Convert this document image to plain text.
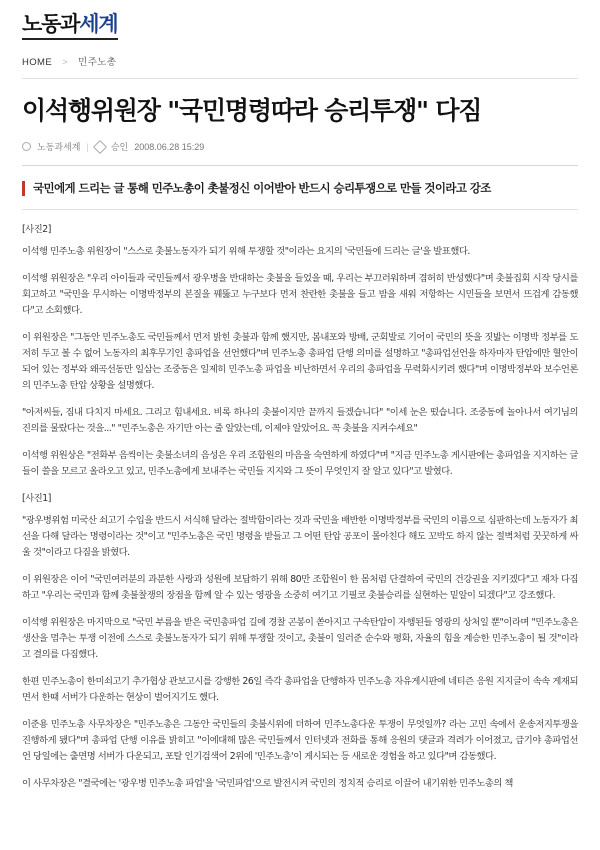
노동과세계
HOME > 민주노총
이석행위원장 "국민명령따라 승리투쟁" 다짐
노동과세계 | 승인 2008.06.28 15:29

국민에게 드리는 글 통해 민주노총이 촛불정신 이어받아 반드시 승리투쟁으로 만들 것이라고 강조

[사진2]

이석행 민주노총 위원장이 "스스로 촛불노동자가 되기 위해 투쟁할 것"이라는 요지의 '국민들에 드리는 글'을 발표했다.

이석행 위원장은 "우리 아이들과 국민들께서 광우병을 반대하는 촛불을 들었을 때, 우리는 부끄러워하며 겸허히 반성했다"며 촛불집회 시작 당시를 회고하고 "국민을 무시하는 이명박정부의 본질을 꿰뚫고 누구보다 먼저 찬란한 촛불을 들고 밤을 새워 저항하는 시민들을 보면서 뜨겁게 감동했다"고 소회했다.

이 위원장은 "그동안 민주노총도 국민들께서 먼저 밝힌 촛불과 함께 했지만, 봄내포와 방배, 군회발로 기어이 국민의 뜻을 짓밟는 이명박 정부를 도저히 두고 볼 수 없어 노동자의 최후무기인 총파업을 선언했다"며 민주노총 총파업 단행 의미를 설명하고 "총파업선언을 하자마자 탄압에만 혈안이 되어 있는 정부와 왜곡선동만 일삼는 조중동은 일제히 민주노총 파업을 비난하면서 우리의 총파업을 무력화시키려 했다"며 이명박정부와 보수언론의 민주노총 탄압 상황을 설명했다.

"아저씨들, 짐내 다치지 마세요. 그리고 힘내세요. 비록 하나의 촛불이지만 끝까지 들겠습니다" "이세 눈은 떴습니다. 조중동에 놀아나서 여기님의 진의를 물랐다는 것을..." "민주노총은 자기만 아는 줄 알았는데, 이제야 알았어요. 꼭 촛불을 지켜수세요"

이석행 위원상은 "전화부 음씩이는 촛불소녀의 음성은 우리 조합원의 마음을 숙연하게 하였다"며 "지금 민주노총 게시판에는 총파업을 지지하는 글들이 쓸을 모르고 올라오고 있고, 민주노총에게 보내주는 국민들 지지와 그 뜻이 무엇인지 잘 알고 있다"고 발혔다.

[사진1]

"광우병위험 미국산 쇠고기 수입을 반드시 서식해 달라는 절박함이라는 것과 국민을 배반한 이명박정부를 국민의 이름으로 심판하는데 노동자가 최선을 다해 달라는 명령이라는 것"이고 "민주노총은 국민 명령을 받들고 그 어떤 탄압 공포이 몰아친다 해도 꼬박도 하지 않는 절벽처럼 꿋꿋하게 싸울 것"이라고 다짐을 밝혔다.

이 위원장은 이어 "국민여러분의 과분한 사랑과 성원에 보답하기 위해 80만 조합원이 한 몸처럼 단결하여 국민의 건강권을 지키겠다"고 재차 다짐하고 "우리는 국민과 함께 촛불찰쟁의 장점을 함께 알 수 있는 영광을 소중히 여기고 기필코 촛불승리를 실현하는 밑알이 되겠다"고 강조했다.

이석행 위원장은 마지막으로 "국민 부름을 받은 국민총파업 길에 경찰 곤봉이 쏟아지고 구속탄압이 자행된들 영광의 상처일 뿐"이라며 "민주노총은 생산을 멈추는 투쟁 이전에 스스로 촛불노동자가 되기 위해 투쟁할 것이고, 촛불이 일러준 순수와 평화, 자율의 힘을 계승한 민주노총이 될 것"이라고 결의를 다짐했다.

한편 민주노총이 한미쇠고기 추가협상 관보고시를 강행한 26일 즉각 총파업을 단행하자 민주노총 자유게시판에 네티즌 응원 지지글이 속속 게재되면서 한때 서버가 다운하는 현상이 벌어지기도 했다.

이준용 민주노총 사무차장은 "민주노총은 그동안 국민들의 촛불시위에 더하여 민주노총다운 투쟁이 무엇일까? 라는 고민 속에서 운송저지투쟁을 진행하게 됐다"며 총파업 단행 이유를 밝히고 "이에대해 많은 국민들께서 인터넷과 전화를 통해 응원의 댓글과 격려가 이어졌고, 급기야 총파업선언 당일에는 출면명 서버가 다운되고, 포탈 인기검색어 2위에 '민주노총'이 게시되는 등 새로운 경험을 하고 있다"며 감동했다.

이 사무차장은 "결국에는 '광우병 민주노총 파업'을 '국민파업'으로 발전시켜 국민의 정치적 승리로 이끌어 내기위한 민주노총의 책
